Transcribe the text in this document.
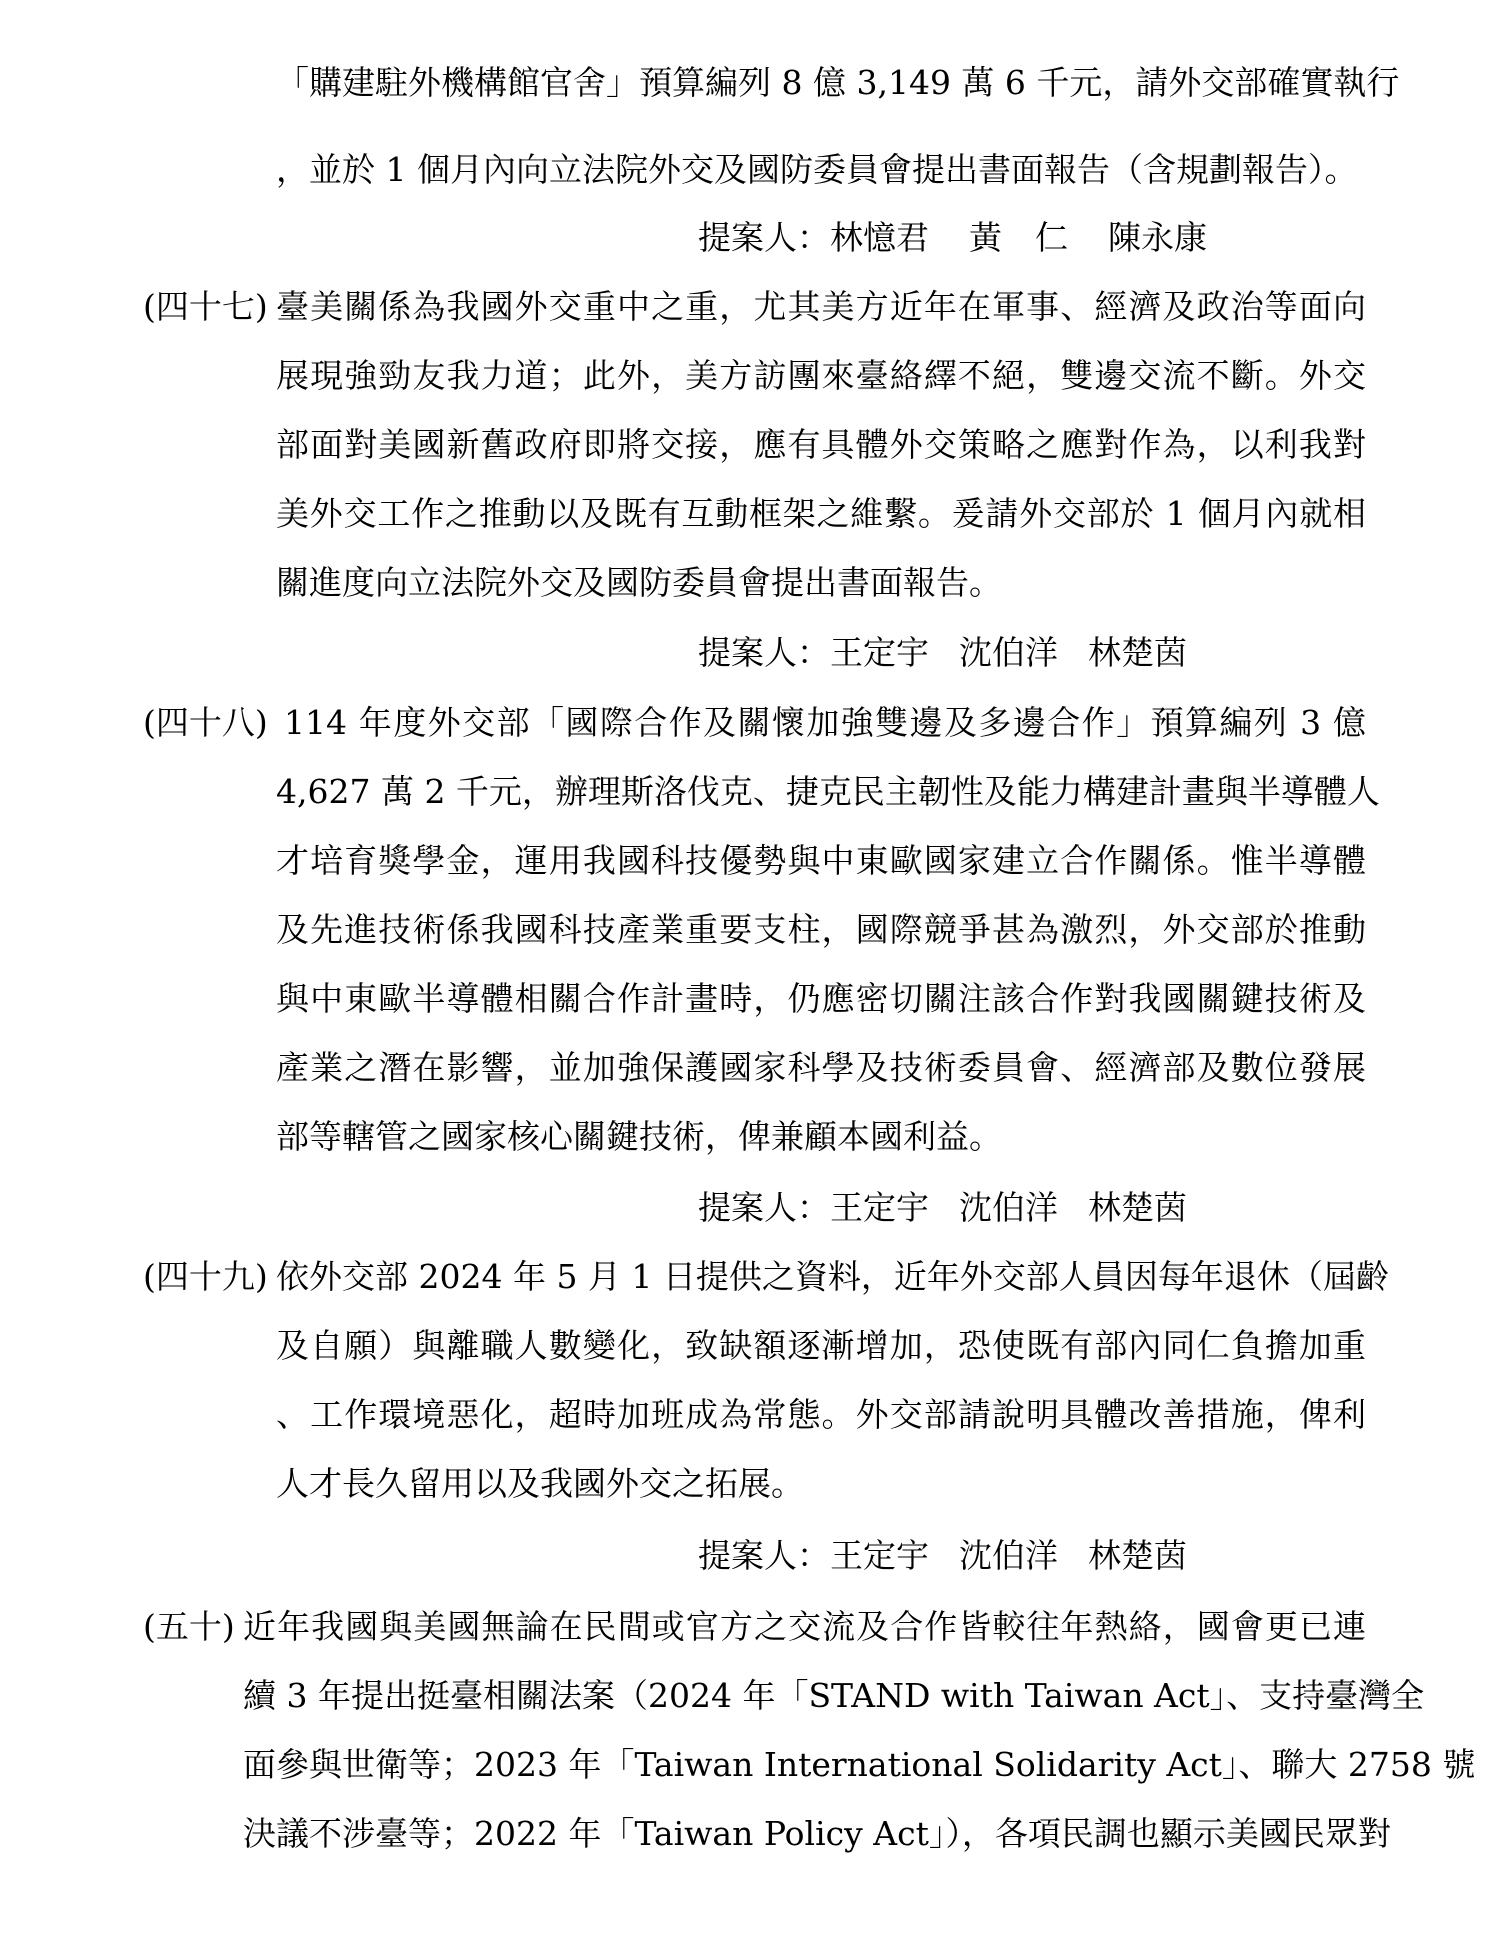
「購建駐外機構館官舍」預算編列 8 億 3,149 萬 6 千元，請外交部確實執行
，並於 1 個月內向立法院外交及國防委員會提出書面報告（含規劃報告）。
提案人：林憶君 黃　仁 陳永康
(四十七) 臺美關係為我國外交重中之重，尤其美方近年在軍事、經濟及政治等面向
展現強勁友我力道；此外，美方訪團來臺絡繹不絕，雙邊交流不斷。外交
部面對美國新舊政府即將交接，應有具體外交策略之應對作為，以利我對
美外交工作之推動以及既有互動框架之維繫。爰請外交部於 1 個月內就相
關進度向立法院外交及國防委員會提出書面報告。
提案人：王定宇 沈伯洋 林楚茵
(四十八) 114 年度外交部「國際合作及關懷加強雙邊及多邊合作」預算編列 3 億
4,627 萬 2 千元，辦理斯洛伐克、捷克民主韌性及能力構建計畫與半導體人
才培育獎學金，運用我國科技優勢與中東歐國家建立合作關係。惟半導體
及先進技術係我國科技產業重要支柱，國際競爭甚為激烈，外交部於推動
與中東歐半導體相關合作計畫時，仍應密切關注該合作對我國關鍵技術及
產業之潛在影響，並加強保護國家科學及技術委員會、經濟部及數位發展
部等轄管之國家核心關鍵技術，俾兼顧本國利益。
提案人：王定宇 沈伯洋 林楚茵
(四十九) 依外交部 2024 年 5 月 1 日提供之資料，近年外交部人員因每年退休（屆齡
及自願）與離職人數變化，致缺額逐漸增加，恐使既有部內同仁負擔加重
、工作環境惡化，超時加班成為常態。外交部請說明具體改善措施，俾利
人才長久留用以及我國外交之拓展。
提案人：王定宇 沈伯洋 林楚茵
(五十) 近年我國與美國無論在民間或官方之交流及合作皆較往年熱絡，國會更已連
續 3 年提出挺臺相關法案（2024 年「STAND with Taiwan Act」、支持臺灣全
面參與世衛等；2023 年「Taiwan International Solidarity Act」、聯大 2758 號
決議不涉臺等；2022 年「Taiwan Policy Act」），各項民調也顯示美國民眾對
